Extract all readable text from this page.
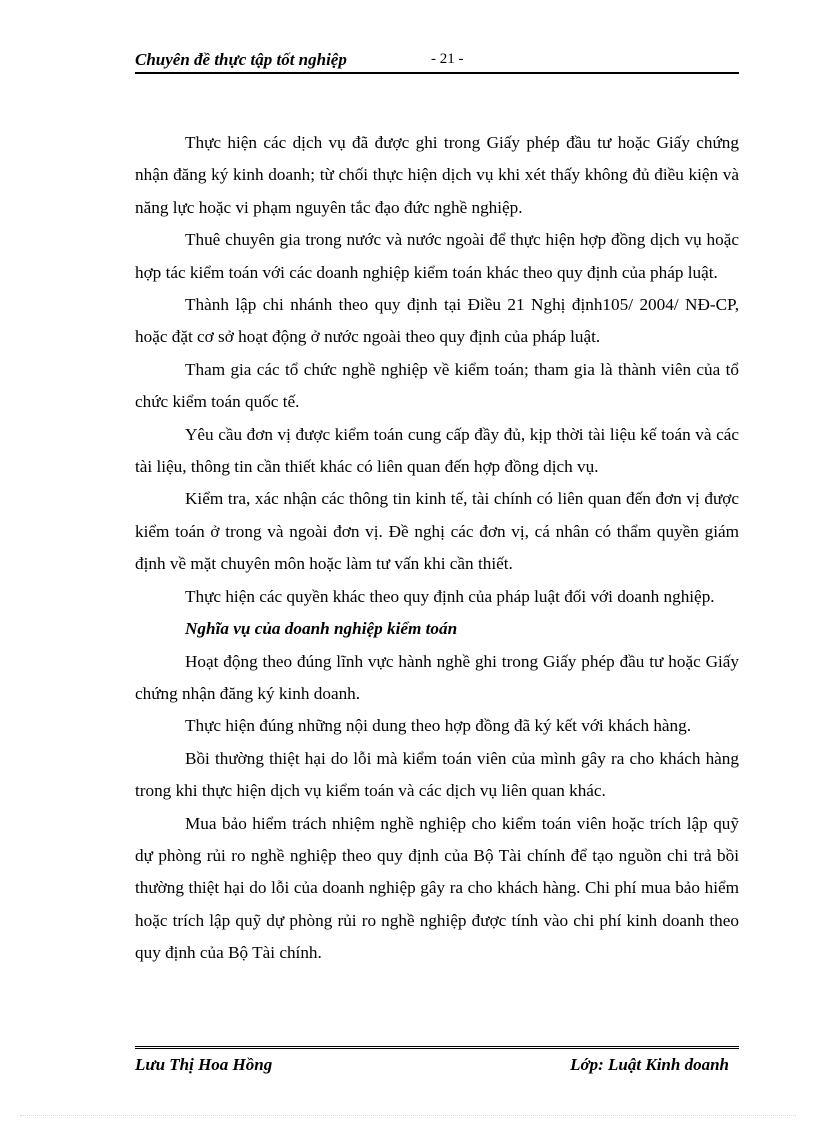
Chuyên đề thực tập tốt nghiệp	- 21 -

Thực hiện các dịch vụ đã được ghi trong Giấy phép đầu tư hoặc Giấy chứng nhận đăng ký kinh doanh; từ chối thực hiện dịch vụ khi xét thấy không đủ điều kiện và năng lực hoặc vi phạm nguyên tắc đạo đức nghề nghiệp.

Thuê chuyên gia trong nước và nước ngoài để thực hiện hợp đồng dịch vụ hoặc hợp tác kiểm toán với các doanh nghiệp kiểm toán khác theo quy định của pháp luật.

Thành lập chi nhánh theo quy định tại Điều 21 Nghị định105/ 2004/ NĐ-CP, hoặc đặt cơ sở hoạt động ở nước ngoài theo quy định của pháp luật.

Tham gia các tổ chức nghề nghiệp về kiểm toán; tham gia là thành viên của tổ chức kiểm toán quốc tế.

Yêu cầu đơn vị được kiểm toán cung cấp đầy đủ, kịp thời tài liệu kế toán và các tài liệu, thông tin cần thiết khác có liên quan đến hợp đồng dịch vụ.

Kiểm tra, xác nhận các thông tin kinh tế, tài chính có liên quan đến đơn vị được kiểm toán ở trong và ngoài đơn vị. Đề nghị các đơn vị, cá nhân có thẩm quyền giám định về mặt chuyên môn hoặc làm tư vấn khi cần thiết.

Thực hiện các quyền khác theo quy định của pháp luật đối với doanh nghiệp.

Nghĩa vụ của doanh nghiệp kiểm toán

Hoạt động theo đúng lĩnh vực hành nghề ghi trong Giấy phép đầu tư hoặc Giấy chứng nhận đăng ký kinh doanh.

Thực hiện đúng những nội dung theo hợp đồng đã ký kết với khách hàng.

Bồi thường thiệt hại do lỗi mà kiểm toán viên của mình gây ra cho khách hàng trong khi thực hiện dịch vụ kiểm toán và các dịch vụ liên quan khác.

Mua bảo hiểm trách nhiệm nghề nghiệp cho kiểm toán viên hoặc trích lập quỹ dự phòng rủi ro nghề nghiệp theo quy định của Bộ Tài chính để tạo nguồn chi trả bồi thường thiệt hại do lỗi của doanh nghiệp gây ra cho khách hàng. Chi phí mua bảo hiểm hoặc trích lập quỹ dự phòng rủi ro nghề nghiệp được tính vào chi phí kinh doanh theo quy định của Bộ Tài chính.

Lưu Thị Hoa Hồng	Lớp: Luật Kinh doanh
